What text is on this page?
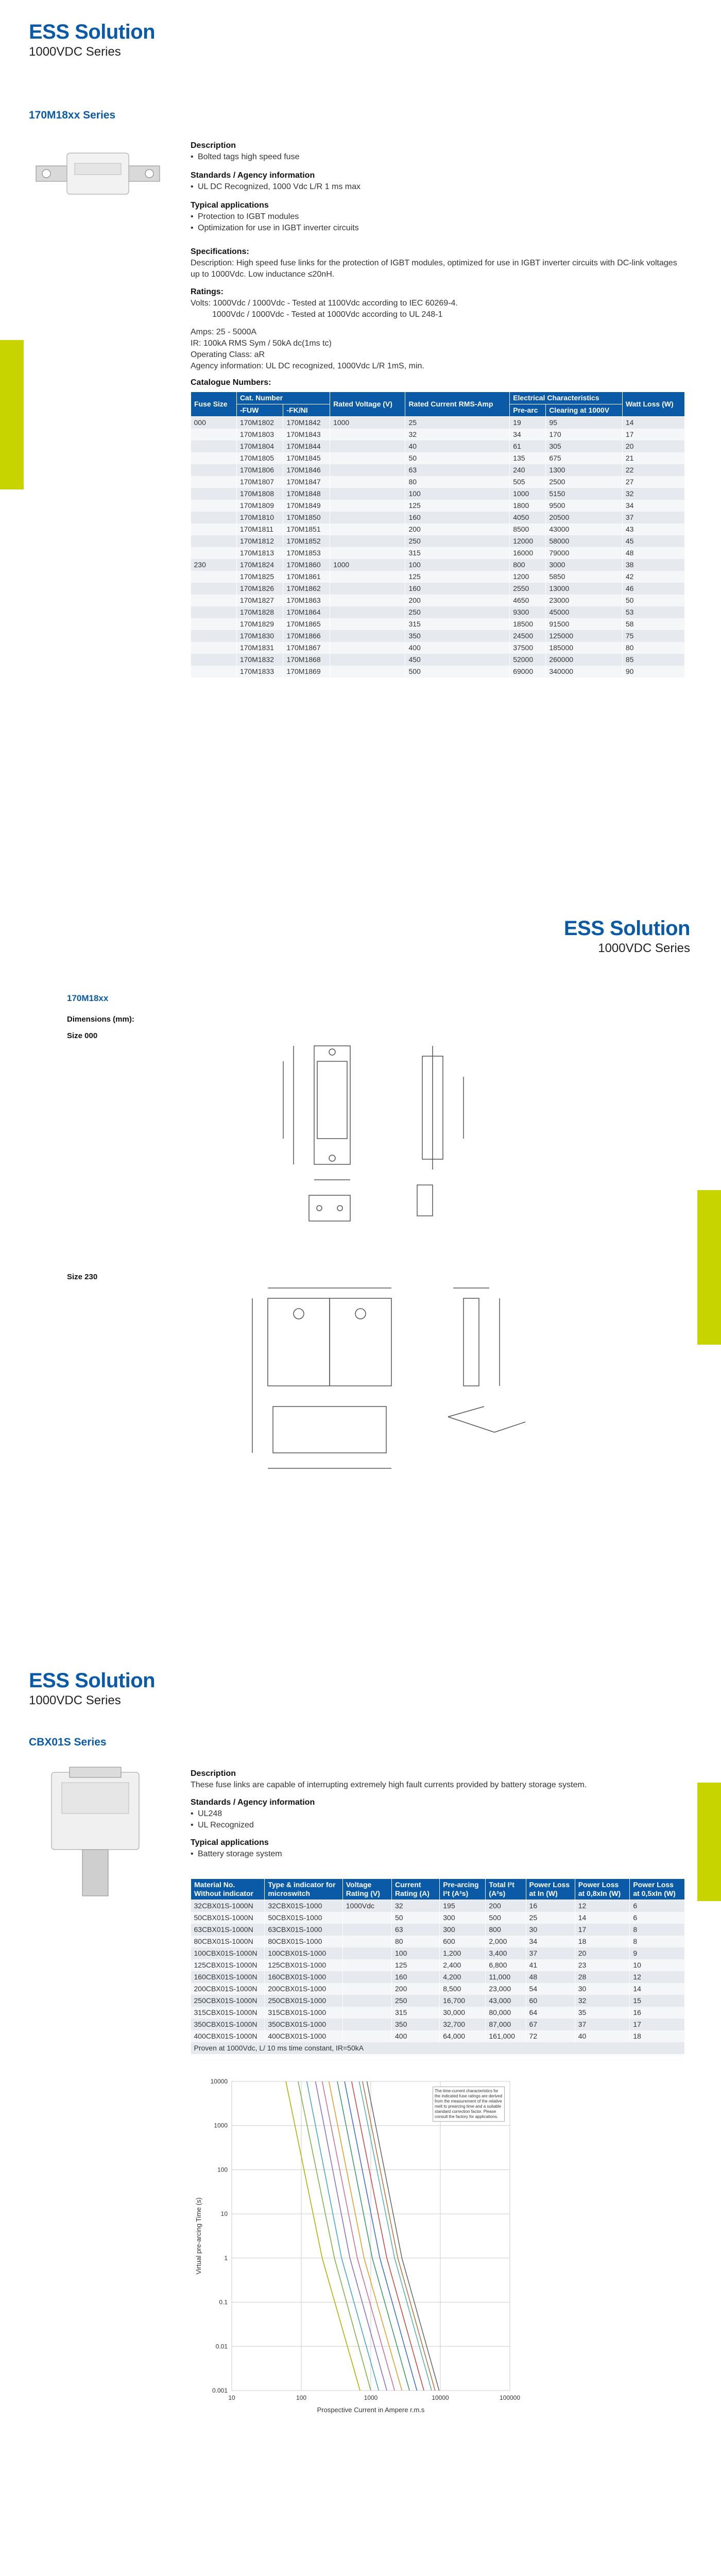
ESS Solution
1000VDC Series
170M18xx Series
Description
• Bolted tags high speed fuse
Standards / Agency information
• UL DC Recognized, 1000 Vdc L/R 1 ms max
Typical applications
• Protection to IGBT modules
• Optimization for use in IGBT inverter circuits
Specifications:

Description: High speed fuse links for the protection of IGBT modules, optimized for use in IGBT inverter circuits with DC-link voltages up to 1000Vdc. Low inductance ≤20nH.

Ratings:

Volts: 1000Vdc / 1000Vdc - Tested at 1100Vdc according to IEC 60269-4.

1000Vdc / 1000Vdc - Tested at 1000Vdc according to UL 248-1

Amps: 25 - 5000A

IR: 100kA RMS Sym / 50kA dc(1ms tc)

Operating Class: aR

Agency information: UL DC recognized, 1000Vdc L/R 1mS, min.

Catalogue Numbers:
Fuse Size	Cat. Number		Rated Voltage (V)	Rated Current RMS-Amp	Electrical Characteristics		Watt Loss (W)
	-FUW	-FK/NI			Pre-arc	Clearing at 1000V	
000	170M1802	170M1842	1000	25	19	95	14
	170M1803	170M1843		32	34	170	17
	170M1804	170M1844		40	61	305	20
	170M1805	170M1845		50	135	675	21
	170M1806	170M1846		63	240	1300	22
	170M1807	170M1847		80	505	2500	27
	170M1808	170M1848		100	1000	5150	32
	170M1809	170M1849		125	1800	9500	34
	170M1810	170M1850		160	4050	20500	37
	170M1811	170M1851		200	8500	43000	43
	170M1812	170M1852		250	12000	58000	45
	170M1813	170M1853		315	16000	79000	48
230	170M1824	170M1860	1000	100	800	3000	38
	170M1825	170M1861		125	1200	5850	42
	170M1826	170M1862		160	2550	13000	46
	170M1827	170M1863		200	4650	23000	50
	170M1828	170M1864		250	9300	45000	53
	170M1829	170M1865		315	18500	91500	58
	170M1830	170M1866		350	24500	125000	75
	170M1831	170M1867		400	37500	185000	80
	170M1832	170M1868		450	52000	260000	85
	170M1833	170M1869		500	69000	340000	90
ESS Solution
1000VDC Series
170M18xx
Dimensions (mm):
Size 000
Size 230
ESS Solution
1000VDC Series
CBX01S Series
Description

These fuse links are capable of interrupting extremely high fault currents provided by battery storage system.

Standards / Agency information
• UL248
• UL Recognized
Typical applications
• Battery storage system
Material No. Without indicator	Type & indicator for microswitch	Voltage Rating (V)	Current Rating (A)	Pre-arcing I²t (A²s)	Total I²t (A²s)	Power Loss at In (W)	Power Loss at 0,8xIn (W)	Power Loss at 0,5xIn (W)
32CBX01S-1000N	32CBX01S-1000	1000Vdc	32	195	200	16	12	6
50CBX01S-1000N	50CBX01S-1000		50	300	500	25	14	6
63CBX01S-1000N	63CBX01S-1000		63	300	800	30	17	8
80CBX01S-1000N	80CBX01S-1000		80	600	2,000	34	18	8
100CBX01S-1000N	100CBX01S-1000		100	1,200	3,400	37	20	9
125CBX01S-1000N	125CBX01S-1000		125	2,400	6,800	41	23	10
160CBX01S-1000N	160CBX01S-1000		160	4,200	11,000	48	28	12
200CBX01S-1000N	200CBX01S-1000		200	8,500	23,000	54	30	14
250CBX01S-1000N	250CBX01S-1000		250	16,700	43,000	60	32	15
315CBX01S-1000N	315CBX01S-1000		315	30,000	80,000	64	35	16
350CBX01S-1000N	350CBX01S-1000		350	32,700	87,000	67	37	17
400CBX01S-1000N	400CBX01S-1000		400	64,000	161,000	72	40	18
Proven at 1000Vdc, L/ 10 ms time constant, IR=50kA								
10	100	1000	10000	100000
0.001
0.01
0.1
1
10
100
1000
10000
Prospective Current in Ampere r.m.s
Virtual pre-arcing Time (s)
The time-current characteristics for the indicated fuse ratings are derived from the measurement of the relative melt to prearcing time and a suitable standard correction factor. Please consult the factory for applications.
